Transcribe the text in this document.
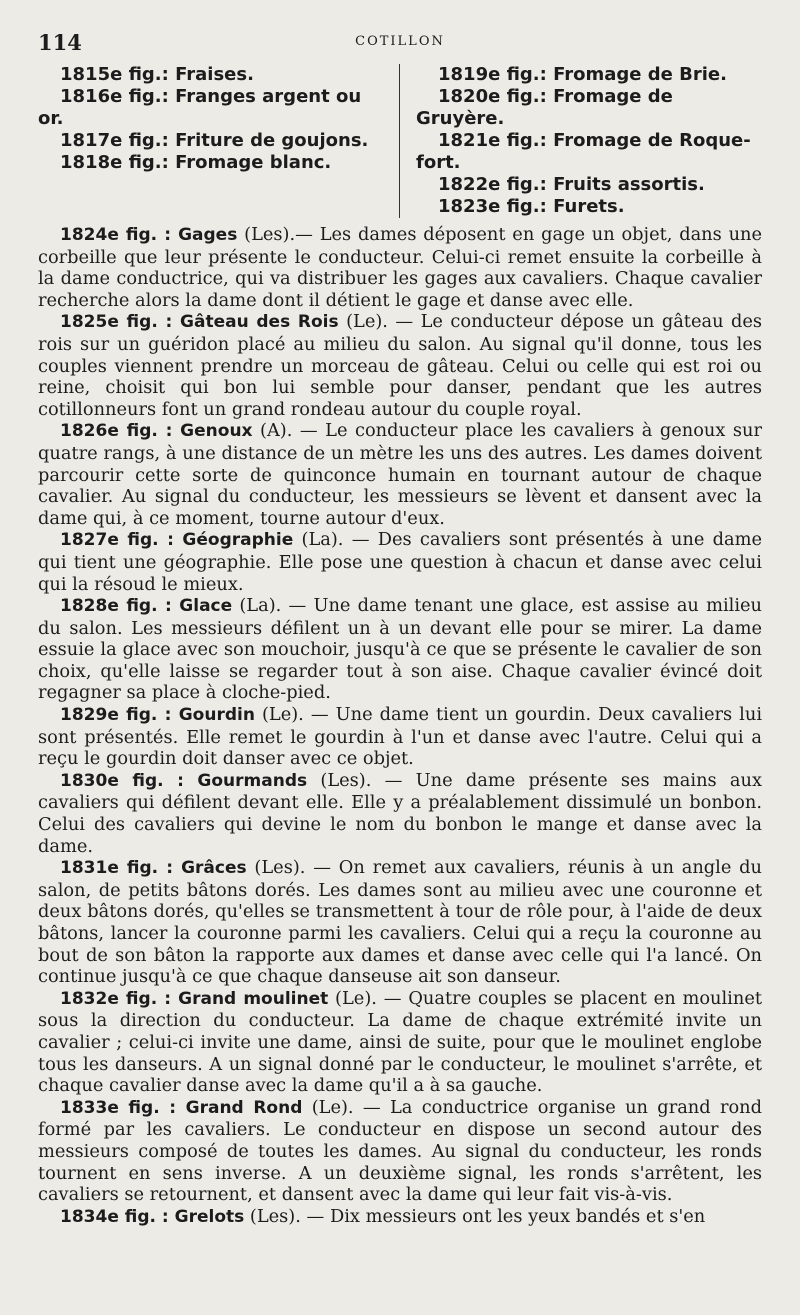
114	COTILLON
1815e fig.: Fraises.
1816e fig.: Franges argent ou
or.
1817e fig.: Friture de goujons.
1818e fig.: Fromage blanc.
1819e fig.: Fromage de Brie.
1820e fig.: Fromage de Gruyère.
1821e fig.: Fromage de Roque-
fort.
1822e fig.: Fruits assortis.
1823e fig.: Furets.

1824e fig. : Gages (Les).— Les dames déposent en gage un objet, dans une corbeille que leur présente le conducteur. Celui-ci remet ensuite la corbeille à la dame conductrice, qui va distribuer les gages aux cavaliers. Chaque cavalier recherche alors la dame dont il détient le gage et danse avec elle.

1825e fig. : Gâteau des Rois (Le). — Le conducteur dépose un gâteau des rois sur un guéridon placé au milieu du salon. Au signal qu'il donne, tous les couples viennent prendre un morceau de gâteau. Celui ou celle qui est roi ou reine, choisit qui bon lui semble pour danser, pendant que les autres cotillonneurs font un grand rondeau autour du couple royal.

1826e fig. : Genoux (A). — Le conducteur place les cavaliers à genoux sur quatre rangs, à une distance de un mètre les uns des autres. Les dames doivent parcourir cette sorte de quinconce humain en tournant autour de chaque cavalier. Au signal du conducteur, les messieurs se lèvent et dansent avec la dame qui, à ce moment, tourne autour d'eux.

1827e fig. : Géographie (La). — Des cavaliers sont présentés à une dame qui tient une géographie. Elle pose une question à chacun et danse avec celui qui la résoud le mieux.

1828e fig. : Glace (La). — Une dame tenant une glace, est assise au milieu du salon. Les messieurs défilent un à un devant elle pour se mirer. La dame essuie la glace avec son mouchoir, jusqu'à ce que se présente le cavalier de son choix, qu'elle laisse se regarder tout à son aise. Chaque cavalier évincé doit regagner sa place à cloche-pied.

1829e fig. : Gourdin (Le). — Une dame tient un gourdin. Deux cavaliers lui sont présentés. Elle remet le gourdin à l'un et danse avec l'autre. Celui qui a reçu le gourdin doit danser avec ce objet.

1830e fig. : Gourmands (Les). — Une dame présente ses mains aux cavaliers qui défilent devant elle. Elle y a préalablement dissimulé un bonbon. Celui des cavaliers qui devine le nom du bonbon le mange et danse avec la dame.

1831e fig. : Grâces (Les). — On remet aux cavaliers, réunis à un angle du salon, de petits bâtons dorés. Les dames sont au milieu avec une couronne et deux bâtons dorés, qu'elles se transmettent à tour de rôle pour, à l'aide de deux bâtons, lancer la couronne parmi les cavaliers. Celui qui a reçu la couronne au bout de son bâton la rapporte aux dames et danse avec celle qui l'a lancé. On continue jusqu'à ce que chaque danseuse ait son danseur.

1832e fig. : Grand moulinet (Le). — Quatre couples se placent en moulinet sous la direction du conducteur. La dame de chaque extrémité invite un cavalier ; celui-ci invite une dame, ainsi de suite, pour que le moulinet englobe tous les danseurs. A un signal donné par le conducteur, le moulinet s'arrête, et chaque cavalier danse avec la dame qu'il a à sa gauche.

1833e fig. : Grand Rond (Le). — La conductrice organise un grand rond formé par les cavaliers. Le conducteur en dispose un second autour des messieurs composé de toutes les dames. Au signal du conducteur, les ronds tournent en sens inverse. A un deuxième signal, les ronds s'arrêtent, les cavaliers se retournent, et dansent avec la dame qui leur fait vis-à-vis.

1834e fig. : Grelots (Les). — Dix messieurs ont les yeux bandés et s'en
